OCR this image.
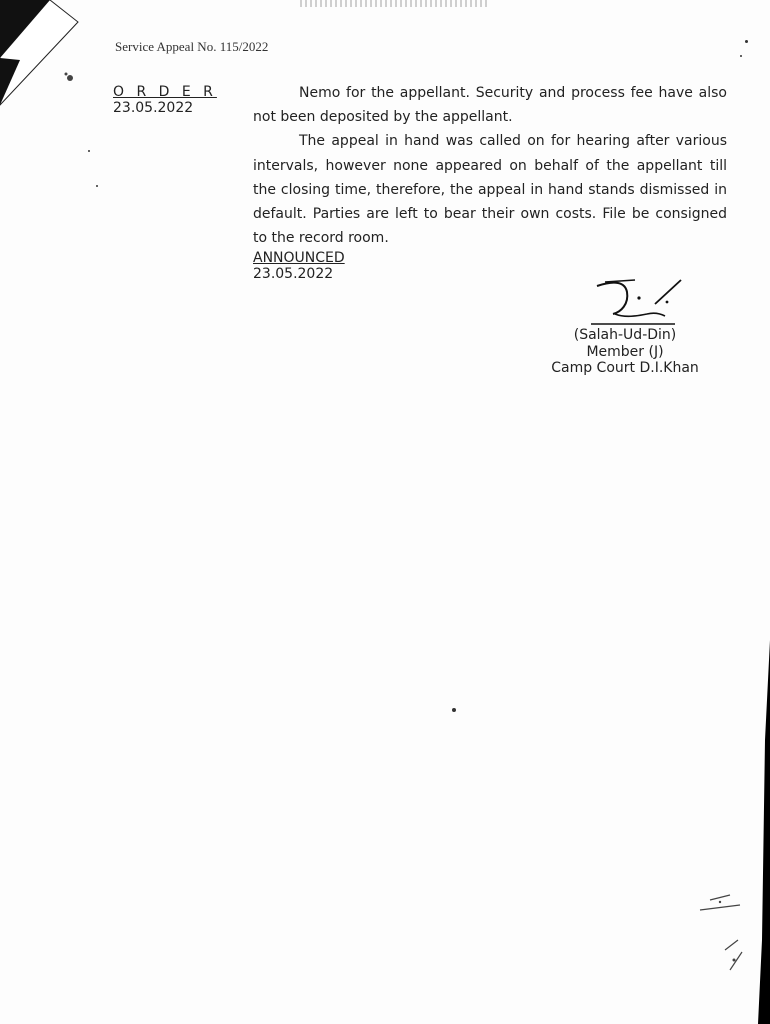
Service Appeal No. 115/2022
O R D E R
23.05.2022

Nemo for the appellant. Security and process fee have also not been deposited by the appellant.

The appeal in hand was called on for hearing after various intervals, however none appeared on behalf of the appellant till the closing time, therefore, the appeal in hand stands dismissed in default. Parties are left to bear their own costs. File be consigned to the record room.

ANNOUNCED
23.05.2022
(Salah-Ud-Din)
Member (J)
Camp Court D.I.Khan
